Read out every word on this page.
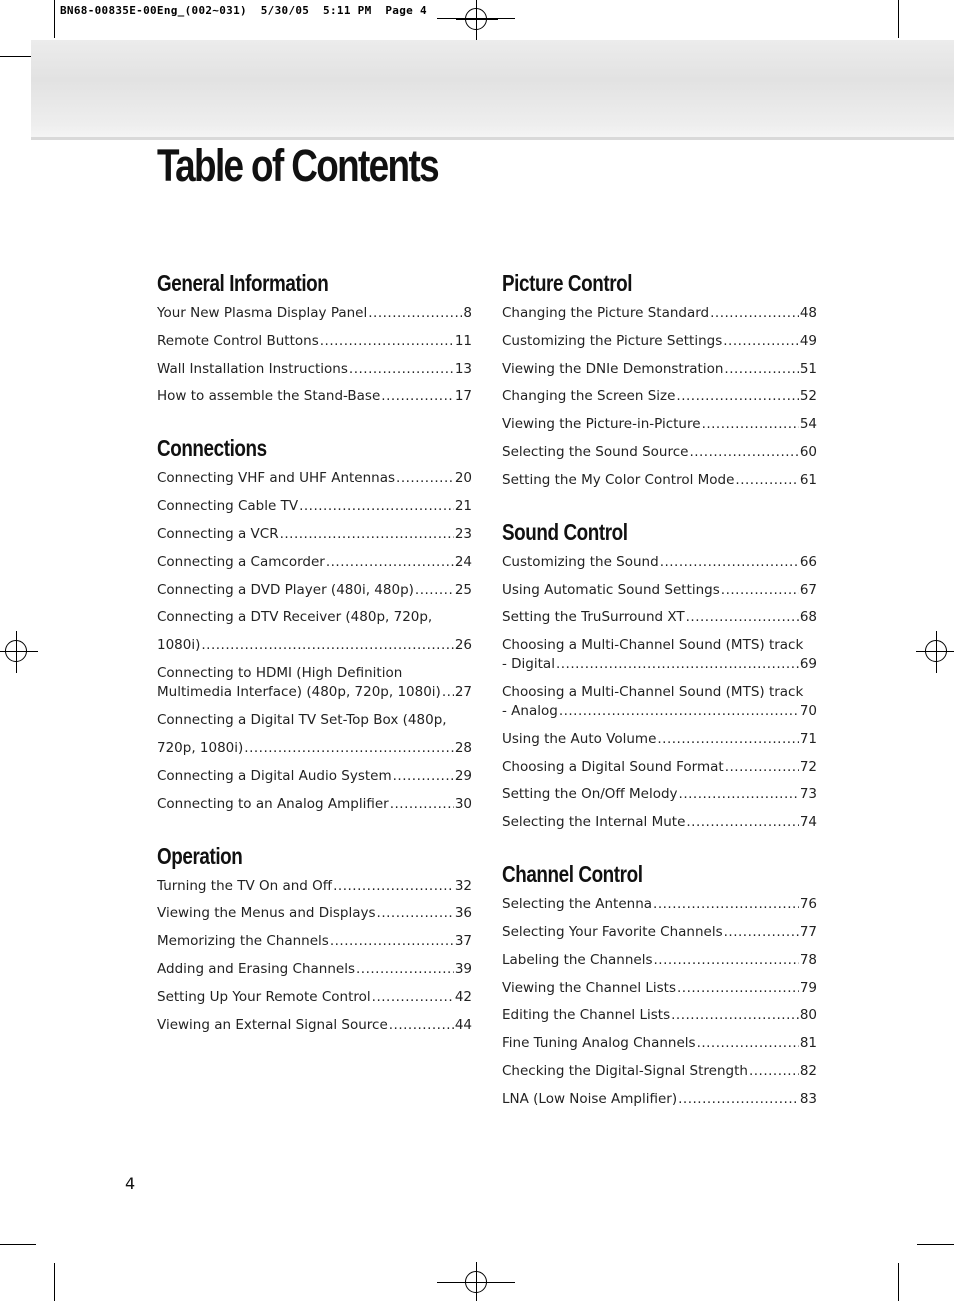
BN68-00835E-00Eng_(002~031)  5/30/05  5:11 PM  Page 4
Table of Contents
General Information
Your New Plasma Display Panel .....	8
Remote Control Buttons .....	11
Wall Installation Instructions .....	13
How to assemble the Stand-Base .....	17
Connections
Connecting VHF and UHF Antennas .....	20
Connecting Cable TV .....	21
Connecting a VCR .....	23
Connecting a Camcorder .....	24
Connecting a DVD Player (480i, 480p) .....	25
Connecting a DTV Receiver (480p, 720p,
1080i) .....	26
Connecting to HDMI (High Definition
Multimedia Interface) (480p, 720p, 1080i) ..... 27
Connecting a Digital TV Set-Top Box (480p,
720p, 1080i) .....	28
Connecting a Digital Audio System .....	29
Connecting to an Analog Amplifier .....	30
Operation
Turning the TV On and Off .....	32
Viewing the Menus and Displays .....	36
Memorizing the Channels .....	37
Adding and Erasing Channels .....	39
Setting Up Your Remote Control .....	42
Viewing an External Signal Source .....	44
Picture Control
Changing the Picture Standard .....	48
Customizing the Picture Settings .....	49
Viewing the DNIe Demonstration .....	51
Changing the Screen Size .....	52
Viewing the Picture-in-Picture .....	54
Selecting the Sound Source .....	60
Setting the My Color Control Mode .....	61
Sound Control
Customizing the Sound .....	66
Using Automatic Sound Settings .....	67
Setting the TruSurround XT .....	68
Choosing a Multi-Channel Sound (MTS) track
- Digital .....	69
Choosing a Multi-Channel Sound (MTS) track
- Analog .....	70
Using the Auto Volume .....	71
Choosing a Digital Sound Format .....	72
Setting the On/Off Melody .....	73
Selecting the Internal Mute .....	74
Channel Control
Selecting the Antenna .....	76
Selecting Your Favorite Channels .....	77
Labeling the Channels .....	78
Viewing the Channel Lists .....	79
Editing the Channel Lists .....	80
Fine Tuning Analog Channels .....	81
Checking the Digital-Signal Strength .....	82
LNA (Low Noise Amplifier) .....	83
4
